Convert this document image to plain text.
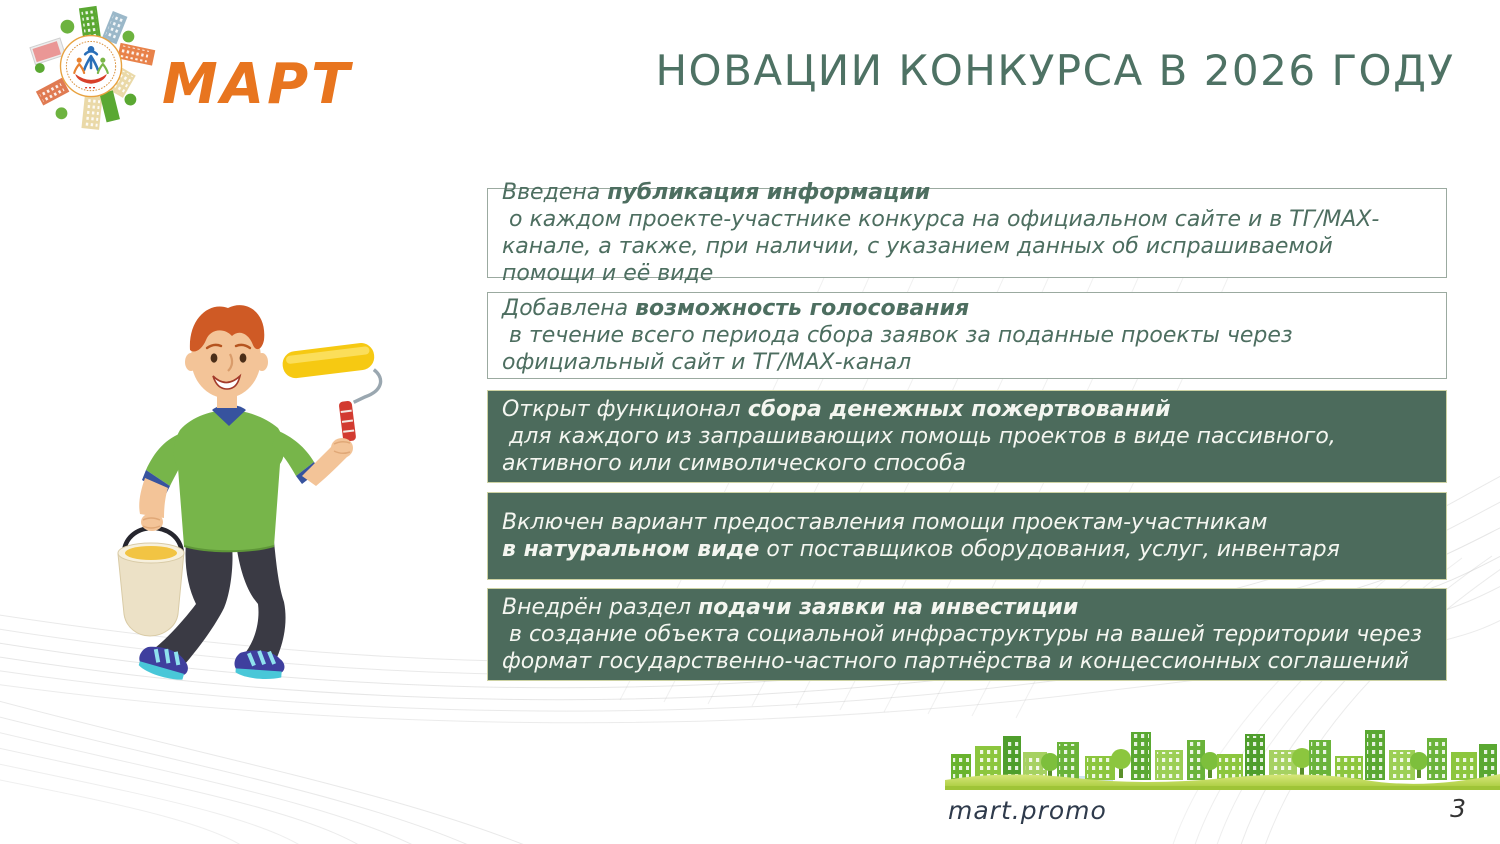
МАРТ	НОВАЦИИ КОНКУРСА В 2026 ГОДУ
Введена публикация информации
о каждом проекте-участнике конкурса на официальном сайте и в ТГ/МАХ-канале, а также, при наличии, с указанием данных об испрашиваемой помощи и её виде
Добавлена возможность голосования
в течение всего периода сбора заявок за поданные проекты через официальный сайт и ТГ/МАХ-канал
Открыт функционал сбора денежных пожертвований
для каждого из запрашивающих помощь проектов в виде пассивного, активного или символического способа
Включен вариант предоставления помощи проектам-участникам
в натуральном виде от поставщиков оборудования, услуг, инвентаря
Внедрён раздел подачи заявки на инвестиции
в создание объекта социальной инфраструктуры на вашей территории через формат государственно-частного партнёрства и концессионных соглашений
mart.promo	3
